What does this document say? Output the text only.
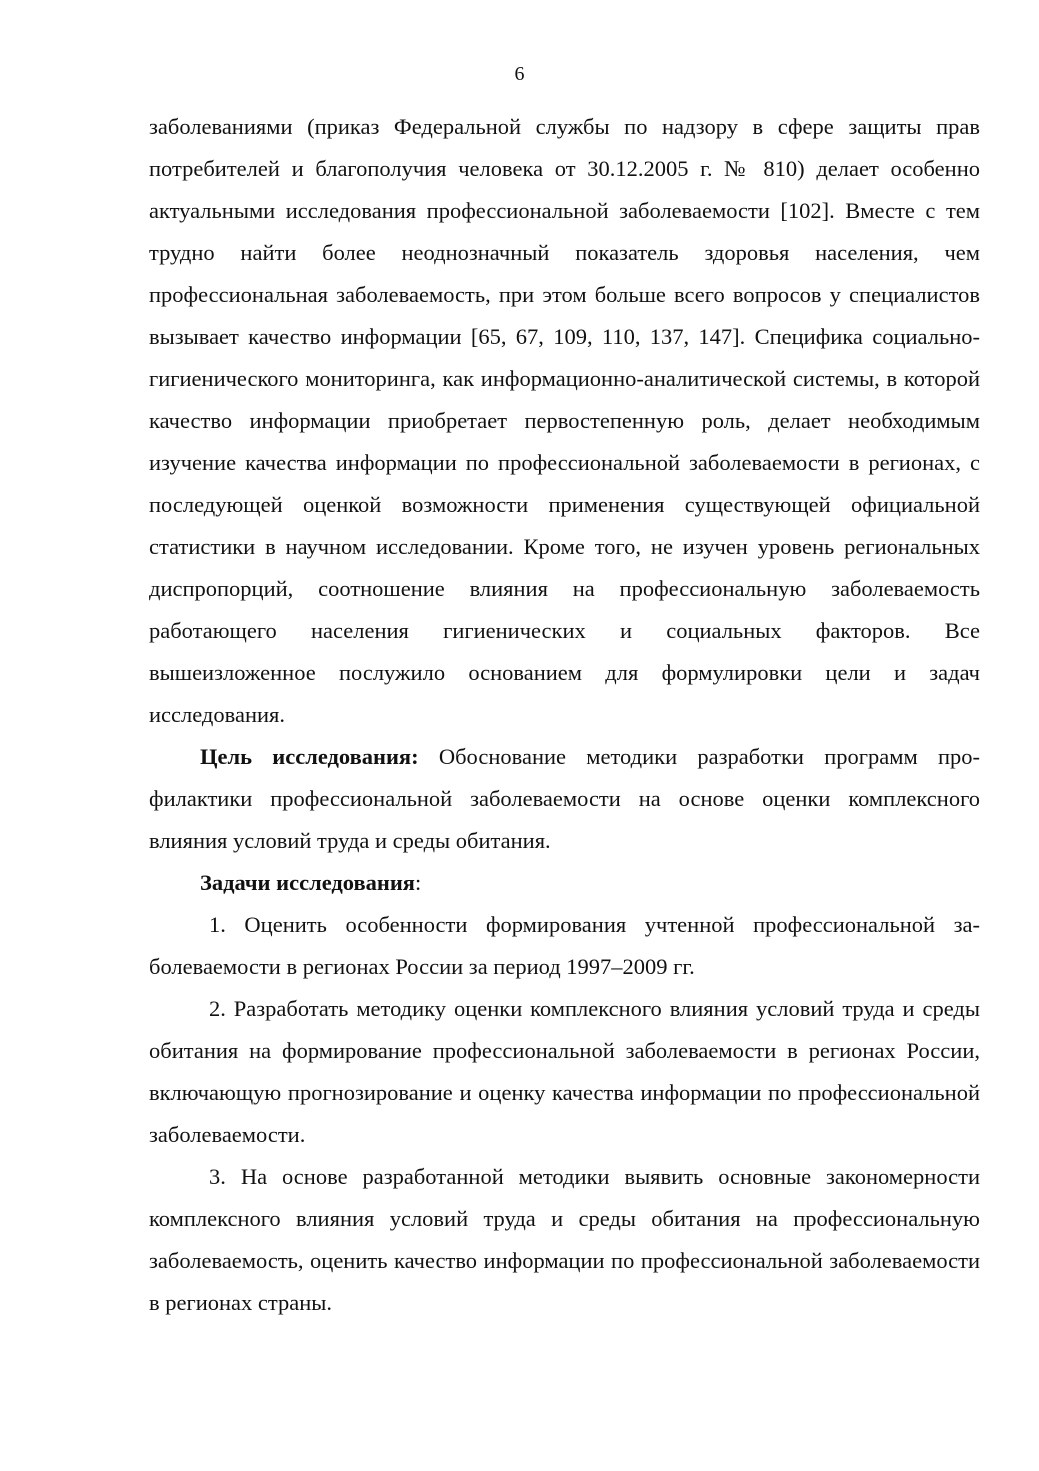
6

заболеваниями (приказ Федеральной службы по надзору в сфере защиты прав потребителей и благополучия человека от 30.12.2005 г. № 810) делает особенно актуальными исследования профессиональной заболеваемости [102]. Вместе с тем трудно найти более неоднозначный показатель здоровья населения, чем профессиональная заболеваемость, при этом больше всего вопросов у специалистов вызывает качество информации [65, 67, 109, 110, 137, 147]. Специфика социально-гигиенического мониторинга, как информационно-аналитической системы, в которой качество информации приобретает первостепенную роль, делает необходимым изучение качества информации по профессиональной заболеваемости в регионах, с последующей оценкой возможности применения существующей официальной статистики в научном исследовании. Кроме того, не изучен уровень региональных диспропорций, соотношение влияния на профессиональную заболеваемость работающего населения гигиенических и социальных факторов. Все вышеизложенное послужило основанием для формулировки цели и задач исследования.

Цель исследования: Обоснование методики разработки программ профилактики профессиональной заболеваемости на основе оценки комплексного влияния условий труда и среды обитания.

Задачи исследования:

1. Оценить особенности формирования учтенной профессиональной заболеваемости в регионах России за период 1997–2009 гг.

2. Разработать методику оценки комплексного влияния условий труда и среды обитания на формирование профессиональной заболеваемости в регионах России, включающую прогнозирование и оценку качества информации по профессиональной заболеваемости.

3. На основе разработанной методики выявить основные закономерности комплексного влияния условий труда и среды обитания на профессиональную заболеваемость, оценить качество информации по профессиональной заболеваемости в регионах страны.
